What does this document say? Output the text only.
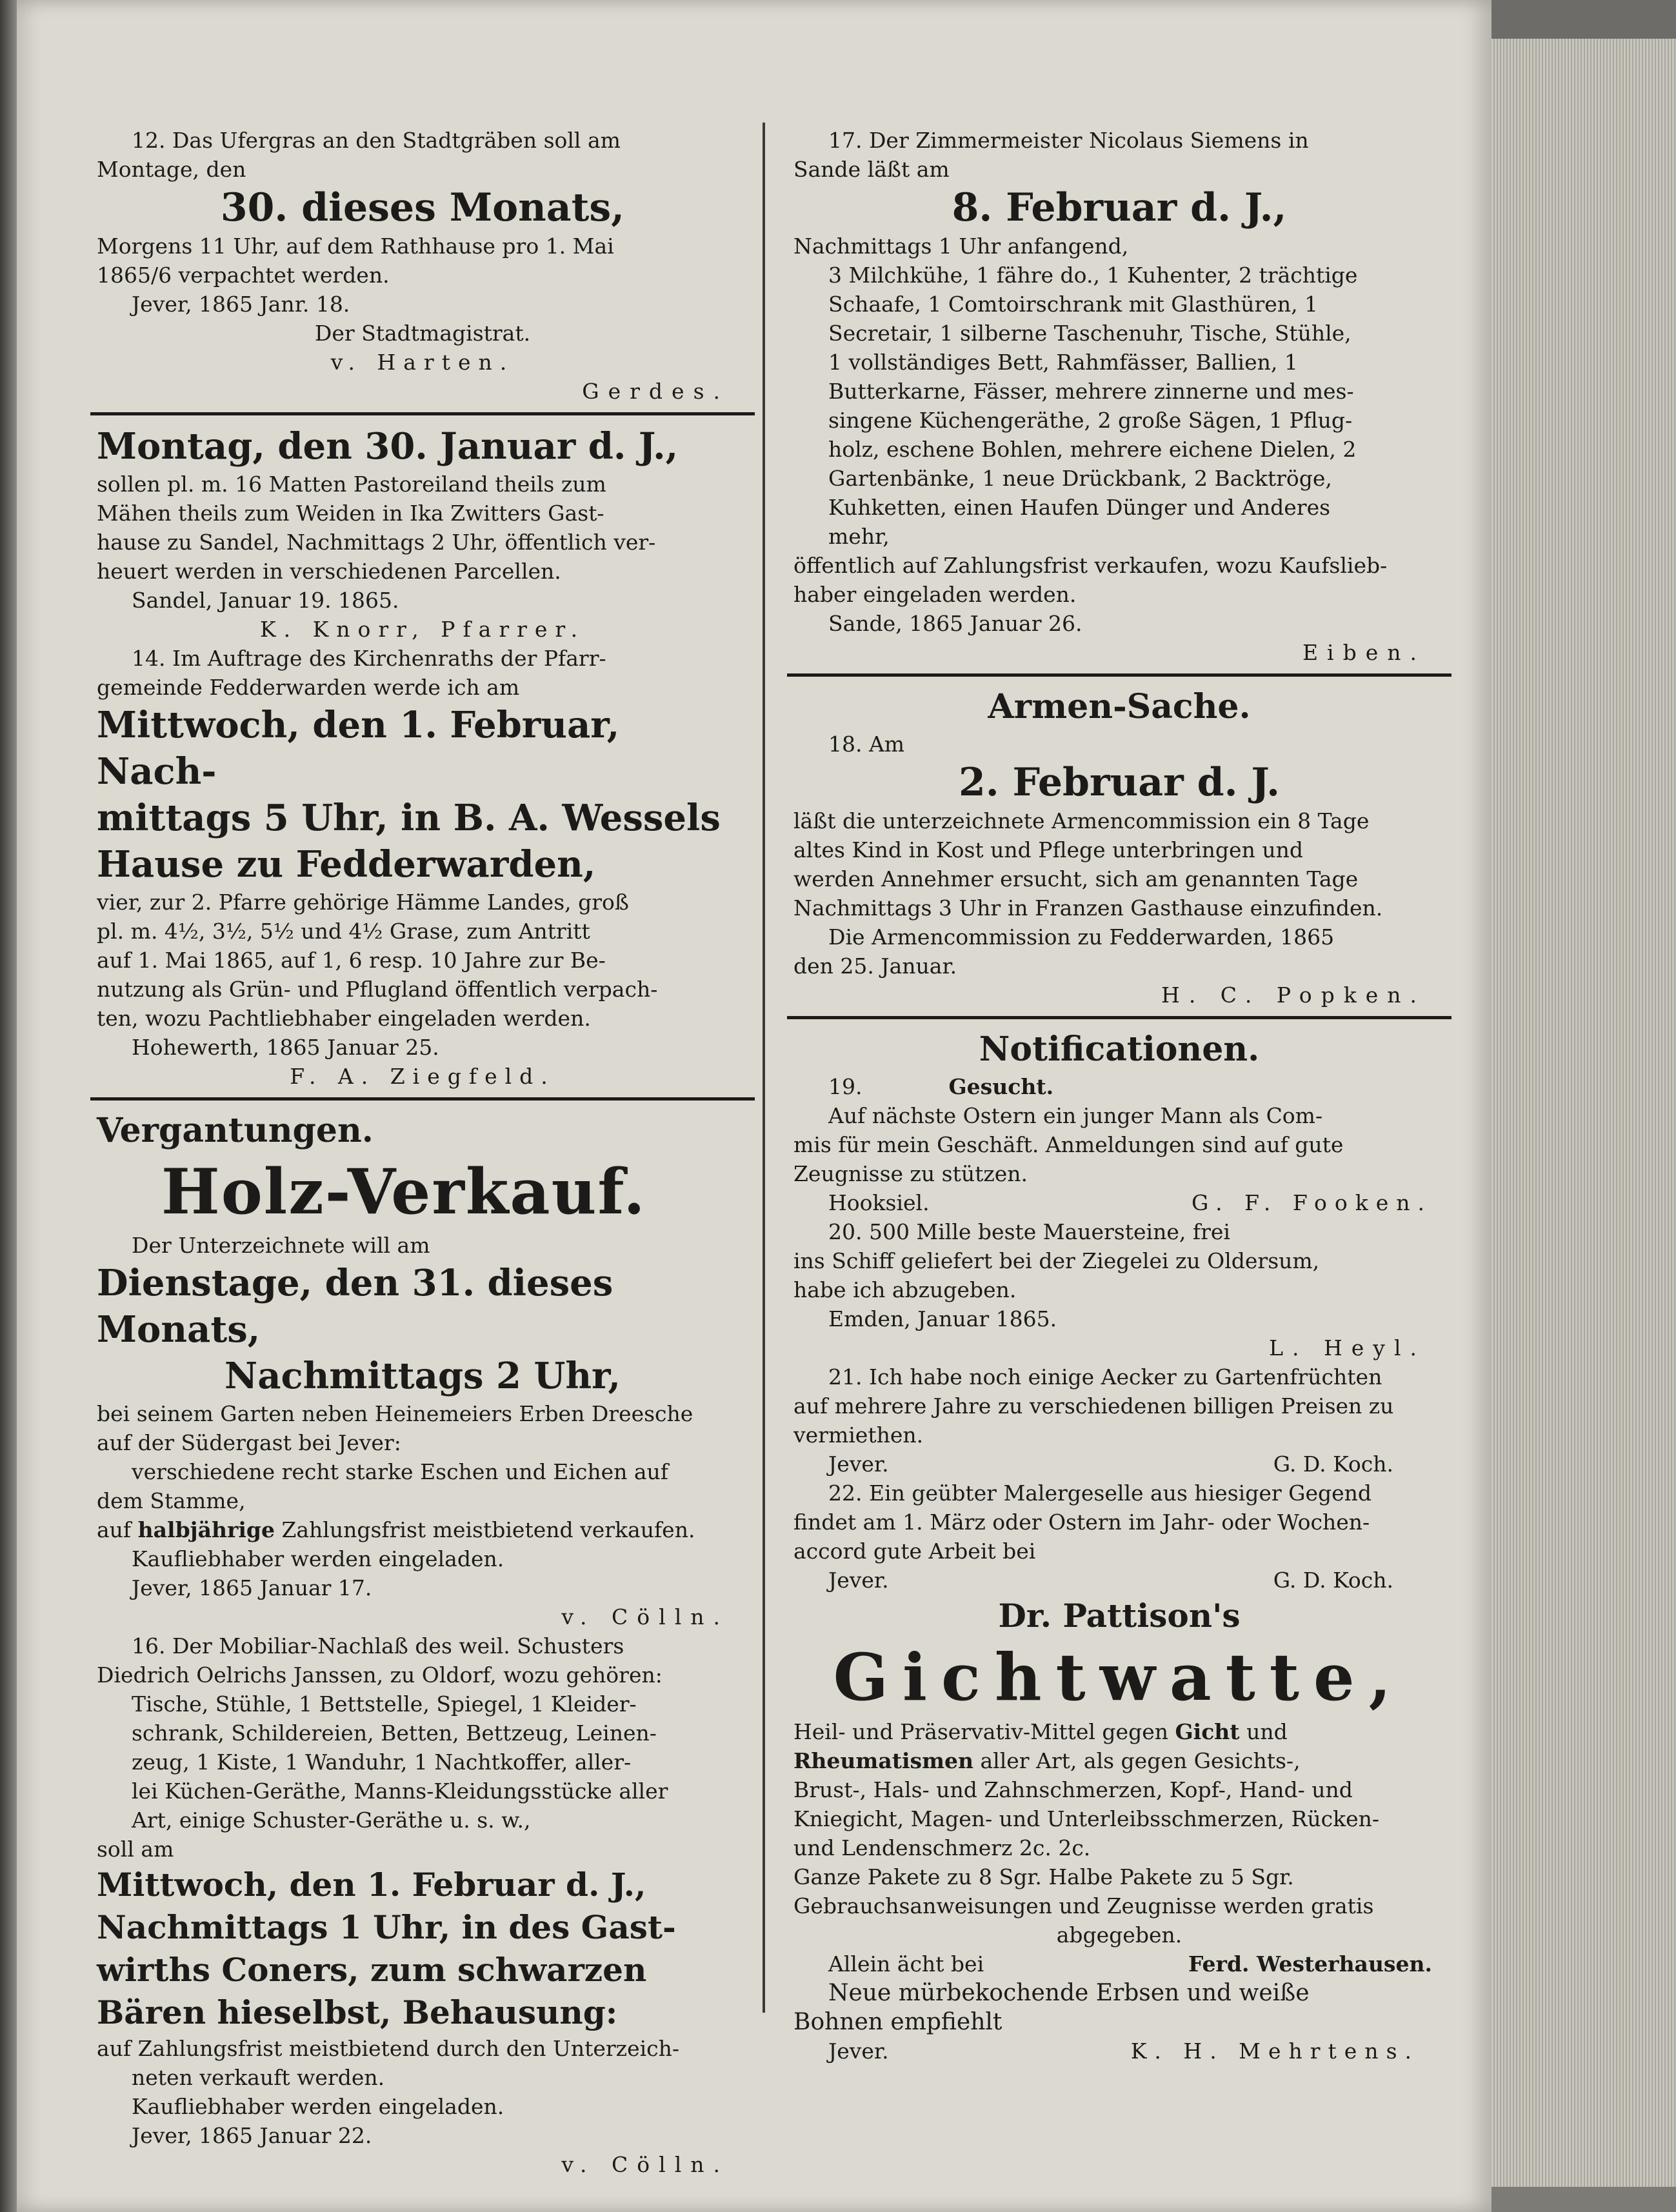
12. Das Ufergras an den Stadtgräben soll am

Montage, den

30. dieses Monats,

Morgens 11 Uhr, auf dem Rathhause pro 1. Mai

1865/6 verpachtet werden.

Jever, 1865 Janr. 18.

Der Stadtmagistrat.

v. Harten.

Gerdes.

Montag, den 30. Januar d. J.,

sollen pl. m. 16 Matten Pastoreiland theils zum

Mähen theils zum Weiden in Ika Zwitters Gast-

hause zu Sandel, Nachmittags 2 Uhr, öffentlich ver-

heuert werden in verschiedenen Parcellen.

Sandel, Januar 19. 1865.

K. Knorr, Pfarrer.

14. Im Auftrage des Kirchenraths der Pfarr-

gemeinde Fedderwarden werde ich am

Mittwoch, den 1. Februar, Nach-

mittags 5 Uhr, in B. A. Wessels

Hause zu Fedderwarden,

vier, zur 2. Pfarre gehörige Hämme Landes, groß

pl. m. 4½, 3½, 5½ und 4½ Grase, zum Antritt

auf 1. Mai 1865, auf 1, 6 resp. 10 Jahre zur Be-

nutzung als Grün- und Pflugland öffentlich verpach-

ten, wozu Pachtliebhaber eingeladen werden.

Hohewerth, 1865 Januar 25.

F. A. Ziegfeld.

Vergantungen.

Holz-Verkauf.

Der Unterzeichnete will am

Dienstage, den 31. dieses Monats,

Nachmittags 2 Uhr,

bei seinem Garten neben Heinemeiers Erben Dreesche

auf der Südergast bei Jever:

verschiedene recht starke Eschen und Eichen auf

dem Stamme,

auf halbjährige Zahlungsfrist meistbietend verkaufen.

Kaufliebhaber werden eingeladen.

Jever, 1865 Januar 17.

v. Cölln.

16. Der Mobiliar-Nachlaß des weil. Schusters

Diedrich Oelrichs Janssen, zu Oldorf, wozu gehören:

Tische, Stühle, 1 Bettstelle, Spiegel, 1 Kleider-

schrank, Schildereien, Betten, Bettzeug, Leinen-

zeug, 1 Kiste, 1 Wanduhr, 1 Nachtkoffer, aller-

lei Küchen-Geräthe, Manns-Kleidungsstücke aller

Art, einige Schuster-Geräthe u. s. w.,

soll am

Mittwoch, den 1. Februar d. J.,

Nachmittags 1 Uhr, in des Gast-

wirths Coners, zum schwarzen

Bären hieselbst, Behausung:

auf Zahlungsfrist meistbietend durch den Unterzeich-

neten verkauft werden.

Kaufliebhaber werden eingeladen.

Jever, 1865 Januar 22.

v. Cölln.

17. Der Zimmermeister Nicolaus Siemens in

Sande läßt am

8. Februar d. J.,

Nachmittags 1 Uhr anfangend,

3 Milchkühe, 1 fähre do., 1 Kuhenter, 2 trächtige

Schaafe, 1 Comtoirschrank mit Glasthüren, 1

Secretair, 1 silberne Taschenuhr, Tische, Stühle,

1 vollständiges Bett, Rahmfässer, Ballien, 1

Butterkarne, Fässer, mehrere zinnerne und mes-

singene Küchengeräthe, 2 große Sägen, 1 Pflug-

holz, eschene Bohlen, mehrere eichene Dielen, 2

Gartenbänke, 1 neue Drückbank, 2 Backtröge,

Kuhketten, einen Haufen Dünger und Anderes

mehr,

öffentlich auf Zahlungsfrist verkaufen, wozu Kaufslieb-

haber eingeladen werden.

Sande, 1865 Januar 26.

Eiben.

Armen-Sache.

18. Am

2. Februar d. J.

läßt die unterzeichnete Armencommission ein 8 Tage

altes Kind in Kost und Pflege unterbringen und

werden Annehmer ersucht, sich am genannten Tage

Nachmittags 3 Uhr in Franzen Gasthause einzufinden.

Die Armencommission zu Fedderwarden, 1865

den 25. Januar.

H. C. Popken.

Notificationen.

19.	Gesucht.

Auf nächste Ostern ein junger Mann als Com-

mis für mein Geschäft. Anmeldungen sind auf gute

Zeugnisse zu stützen.

Hooksiel.	G. F. Fooken.

20. 500 Mille beste Mauersteine, frei

ins Schiff geliefert bei der Ziegelei zu Oldersum,

habe ich abzugeben.

Emden, Januar 1865.

L. Heyl.

21. Ich habe noch einige Aecker zu Gartenfrüchten

auf mehrere Jahre zu verschiedenen billigen Preisen zu

vermiethen.

Jever.	G. D. Koch.

22. Ein geübter Malergeselle aus hiesiger Gegend

findet am 1. März oder Ostern im Jahr- oder Wochen-

accord gute Arbeit bei

Jever.	G. D. Koch.

Dr. Pattison's

Gichtwatte,

Heil- und Präservativ-Mittel gegen Gicht und

Rheumatismen aller Art, als gegen Gesichts-,

Brust-, Hals- und Zahnschmerzen, Kopf-, Hand- und

Kniegicht, Magen- und Unterleibsschmerzen, Rücken-

und Lendenschmerz 2c. 2c.

Ganze Pakete zu 8 Sgr. Halbe Pakete zu 5 Sgr.

Gebrauchsanweisungen und Zeugnisse werden gratis

abgegeben.

Allein ächt bei	Ferd. Westerhausen.

Neue mürbekochende Erbsen und weiße

Bohnen empfiehlt

Jever.	K. H. Mehrtens.
